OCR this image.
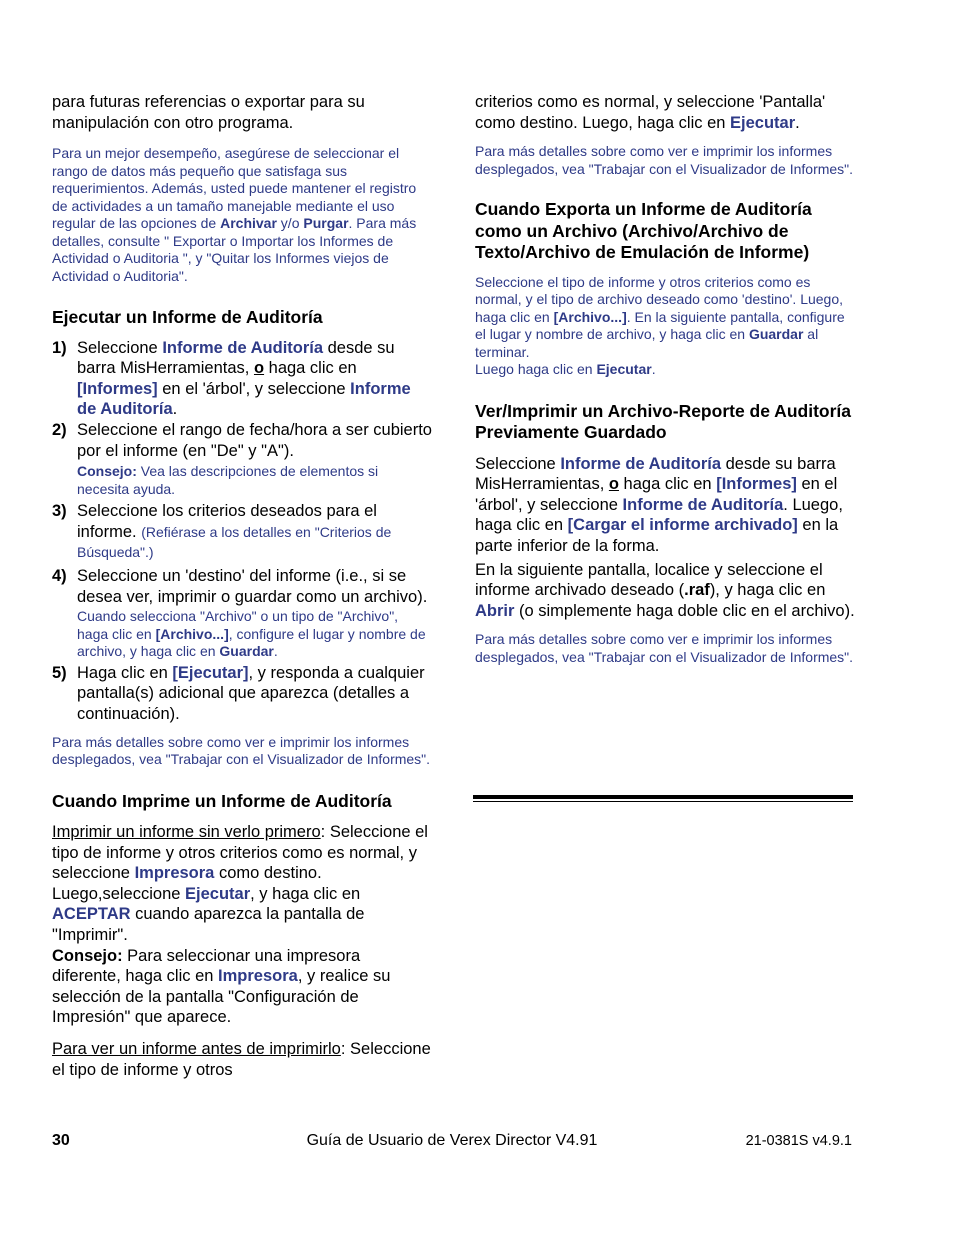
para futuras referencias o exportar para su manipulación con otro programa.

Para un mejor desempeño, asegúrese de seleccionar el rango de datos más pequeño que satisfaga sus requerimientos. Además, usted puede mantener el registro de actividades a un tamaño manejable mediante el uso regular de las opciones de Archivar y/o Purgar. Para más detalles, consulte " Exportar o Importar los Informes de Actividad o Auditoria ", y "Quitar los Informes viejos de Actividad o Auditoria".

Ejecutar un Informe de Auditoría
1) Seleccione Informe de Auditoría desde su barra MisHerramientas, o haga clic en [Informes] en el 'árbol', y seleccione Informe de Auditoría.
2) Seleccione el rango de fecha/hora a ser cubierto por el informe (en "De" y "A").
Consejo: Vea las descripciones de elementos si necesita ayuda.
3) Seleccione los criterios deseados para el informe. (Refiérase a los detalles en "Criterios de Búsqueda".)
4) Seleccione un 'destino' del informe (i.e., si se desea ver, imprimir o guardar como un archivo).
Cuando selecciona "Archivo" o un tipo de "Archivo", haga clic en [Archivo...], configure el lugar y nombre de archivo, y haga clic en Guardar.
5) Haga clic en [Ejecutar], y responda a cualquier pantalla(s) adicional que aparezca (detalles a continuación).

Para más detalles sobre como ver e imprimir los informes desplegados, vea "Trabajar con el Visualizador de Informes".

Cuando Imprime un Informe de Auditoría

Imprimir un informe sin verlo primero: Seleccione el tipo de informe y otros criterios como es normal, y seleccione Impresora como destino. Luego,seleccione Ejecutar, y haga clic en ACEPTAR cuando aparezca la pantalla de "Imprimir".
Consejo: Para seleccionar una impresora diferente, haga clic en Impresora, y realice su selección de la pantalla "Configuración de Impresión" que aparece.

Para ver un informe antes de imprimirlo: Seleccione el tipo de informe y otros

criterios como es normal, y seleccione 'Pantalla' como destino. Luego, haga clic en Ejecutar.

Para más detalles sobre como ver e imprimir los informes desplegados, vea "Trabajar con el Visualizador de Informes".

Cuando Exporta un Informe de Auditoría como un Archivo (Archivo/Archivo de Texto/Archivo de Emulación de Informe)

Seleccione el tipo de informe y otros criterios como es normal, y el tipo de archivo deseado como 'destino'. Luego, haga clic en [Archivo...]. En la siguiente pantalla, configure el lugar y nombre de archivo, y haga clic en Guardar al terminar.
Luego haga clic en Ejecutar.

Ver/Imprimir un Archivo-Reporte de Auditoría Previamente Guardado

Seleccione Informe de Auditoría desde su barra MisHerramientas, o haga clic en [Informes] en el 'árbol', y seleccione Informe de Auditoría. Luego, haga clic en [Cargar el informe archivado] en la parte inferior de la forma.

En la siguiente pantalla, localice y seleccione el informe archivado deseado (.raf), y haga clic en Abrir (o simplemente haga doble clic en el archivo).

Para más detalles sobre como ver e imprimir los informes desplegados, vea "Trabajar con el Visualizador de Informes".

30	Guía de Usuario de Verex Director V4.91	21-0381S v4.9.1
